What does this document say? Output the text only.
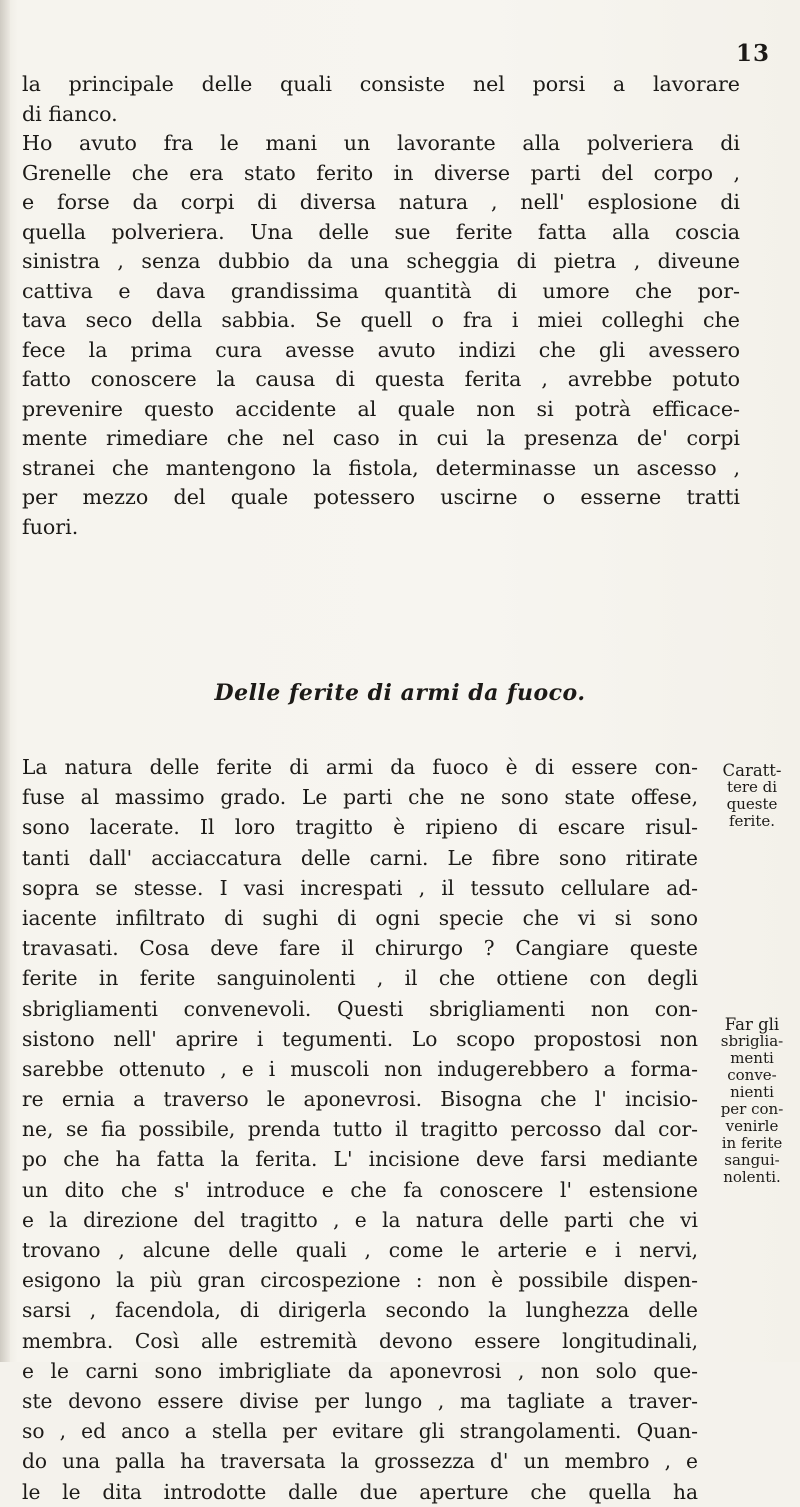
13
la principale delle quali consiste nel porsi a lavorare
di fianco.
Ho avuto fra le mani un lavorante alla polveriera di
Grenelle che era stato ferito in diverse parti del corpo ,
e forse da corpi di diversa natura , nell' esplosione di
quella polveriera. Una delle sue ferite fatta alla coscia
sinistra , senza dubbio da una scheggia di pietra , diveune
cattiva e dava grandissima quantità di umore che por-
tava seco della sabbia. Se quell o fra i miei colleghi che
fece la prima cura avesse avuto indizi che gli avessero
fatto conoscere la causa di questa ferita , avrebbe potuto
prevenire questo accidente al quale non si potrà efficace-
mente rimediare che nel caso in cui la presenza de' corpi
stranei che mantengono la fistola, determinasse un ascesso ,
per mezzo del quale potessero uscirne o esserne tratti
fuori.
Delle ferite di armi da fuoco.
La natura delle ferite di armi da fuoco è di essere con-
fuse al massimo grado. Le parti che ne sono state offese,
sono lacerate. Il loro tragitto è ripieno di escare risul-
tanti dall' acciaccatura delle carni. Le fibre sono ritirate
sopra se stesse. I vasi increspati , il tessuto cellulare ad-
iacente infiltrato di sughi di ogni specie che vi si sono
travasati. Cosa deve fare il chirurgo ? Cangiare queste
ferite in ferite sanguinolenti , il che ottiene con degli
sbrigliamenti convenevoli. Questi sbrigliamenti non con-
sistono nell' aprire i tegumenti. Lo scopo propostosi non
sarebbe ottenuto , e i muscoli non indugerebbero a forma-
re ernia a traverso le aponevrosi. Bisogna che l' incisio-
ne, se fia possibile, prenda tutto il tragitto percosso dal cor-
po che ha fatta la ferita. L' incisione deve farsi mediante
un dito che s' introduce e che fa conoscere l' estensione
e la direzione del tragitto , e la natura delle parti che vi
trovano , alcune delle quali , come le arterie e i nervi,
esigono la più gran circospezione : non è possibile dispen-
sarsi , facendola, di dirigerla secondo la lunghezza delle
membra. Così alle estremità devono essere longitudinali,
e le carni sono imbrigliate da aponevrosi , non solo que-
ste devono essere divise per lungo , ma tagliate a traver-
so , ed anco a stella per evitare gli strangolamenti. Quan-
do una palla ha traversata la grossezza d' un membro , e
le le dita introdotte dalle due aperture che quella ha
Caratt-
tere di
queste
ferite.
Far gli
sbriglia-
menti
conve-
nienti
per con-
venirle
in ferite
sangui-
nolenti.
